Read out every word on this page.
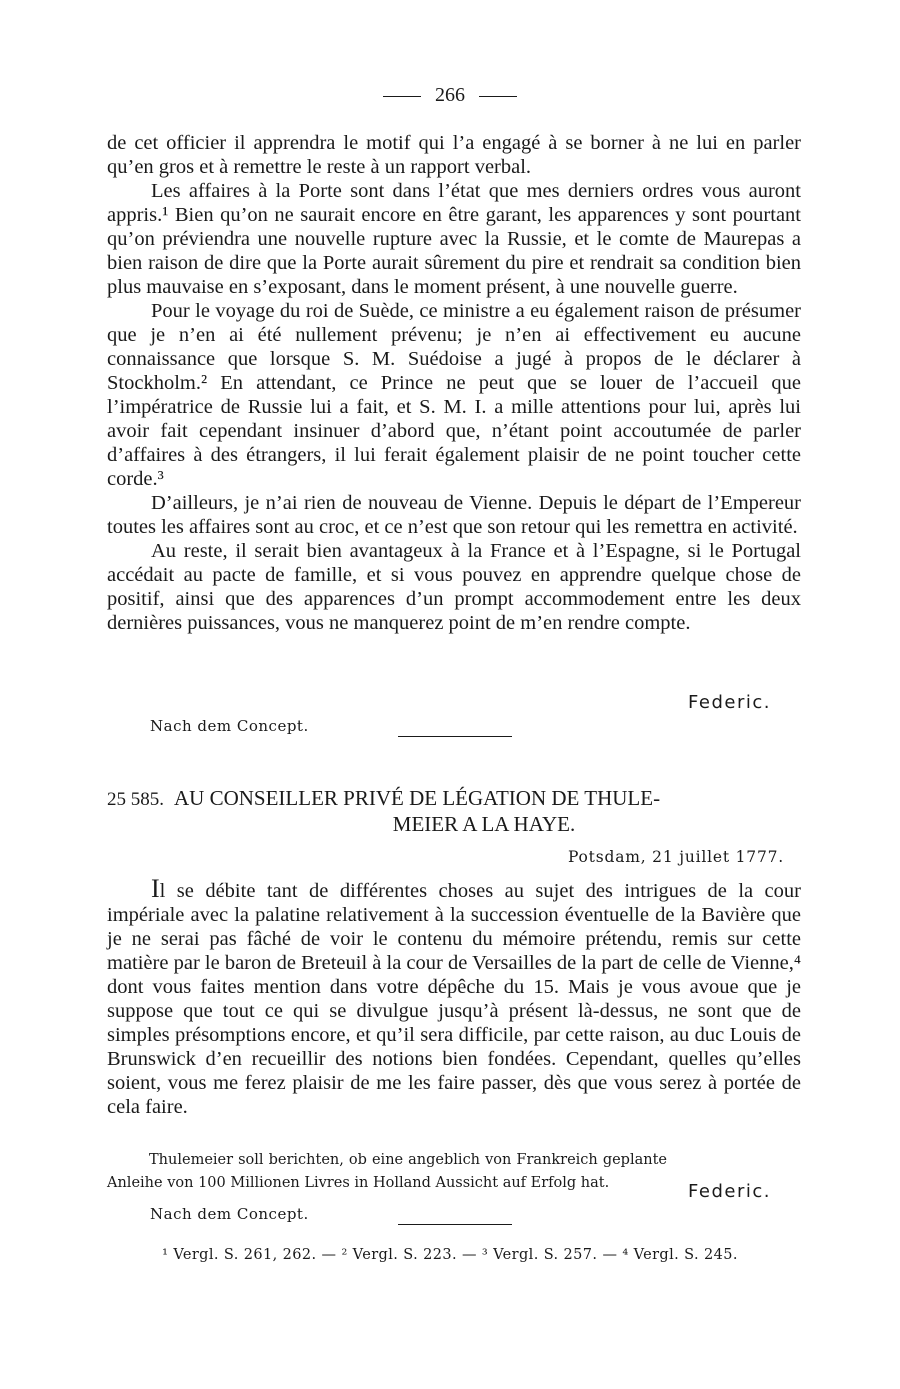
266

de cet officier il apprendra le motif qui l’a engagé à se borner à ne lui en parler qu’en gros et à remettre le reste à un rapport verbal.

Les affaires à la Porte sont dans l’état que mes derniers ordres vous auront appris.¹ Bien qu’on ne saurait encore en être garant, les apparences y sont pourtant qu’on préviendra une nouvelle rupture avec la Russie, et le comte de Maurepas a bien raison de dire que la Porte aurait sûrement du pire et rendrait sa condition bien plus mauvaise en s’exposant, dans le moment présent, à une nouvelle guerre.

Pour le voyage du roi de Suède, ce ministre a eu également raison de présumer que je n’en ai été nullement prévenu; je n’en ai effectivement eu aucune connaissance que lorsque S. M. Suédoise a jugé à propos de le déclarer à Stockholm.² En attendant, ce Prince ne peut que se louer de l’accueil que l’impératrice de Russie lui a fait, et S. M. I. a mille attentions pour lui, après lui avoir fait cependant insinuer d’abord que, n’étant point accoutumée de parler d’affaires à des étrangers, il lui ferait également plaisir de ne point toucher cette corde.³

D’ailleurs, je n’ai rien de nouveau de Vienne. Depuis le départ de l’Empereur toutes les affaires sont au croc, et ce n’est que son retour qui les remettra en activité.

Au reste, il serait bien avantageux à la France et à l’Espagne, si le Portugal accédait au pacte de famille, et si vous pouvez en apprendre quelque chose de positif, ainsi que des apparences d’un prompt accommodement entre les deux dernières puissances, vous ne manquerez point de m’en rendre compte.

Federic.
Nach dem Concept.
25 585. AU CONSEILLER PRIVÉ DE LÉGATION DE THULE-
MEIER A LA HAYE.
Potsdam, 21 juillet 1777.

Il se débite tant de différentes choses au sujet des intrigues de la cour impériale avec la palatine relativement à la succession éventuelle de la Bavière que je ne serai pas fâché de voir le contenu du mémoire prétendu, remis sur cette matière par le baron de Breteuil à la cour de Versailles de la part de celle de Vienne,⁴ dont vous faites mention dans votre dépêche du 15. Mais je vous avoue que je suppose que tout ce qui se divulgue jusqu’à présent là-dessus, ne sont que de simples présomptions encore, et qu’il sera difficile, par cette raison, au duc Louis de Brunswick d’en recueillir des notions bien fondées. Cependant, quelles qu’elles soient, vous me ferez plaisir de me les faire passer, dès que vous serez à portée de cela faire.

Thulemeier soll berichten, ob eine angeblich von Frankreich geplante Anleihe von 100 Millionen Livres in Holland Aussicht auf Erfolg hat.	Federic.
Nach dem Concept.
¹ Vergl. S. 261, 262. — ² Vergl. S. 223. — ³ Vergl. S. 257. — ⁴ Vergl. S. 245.
